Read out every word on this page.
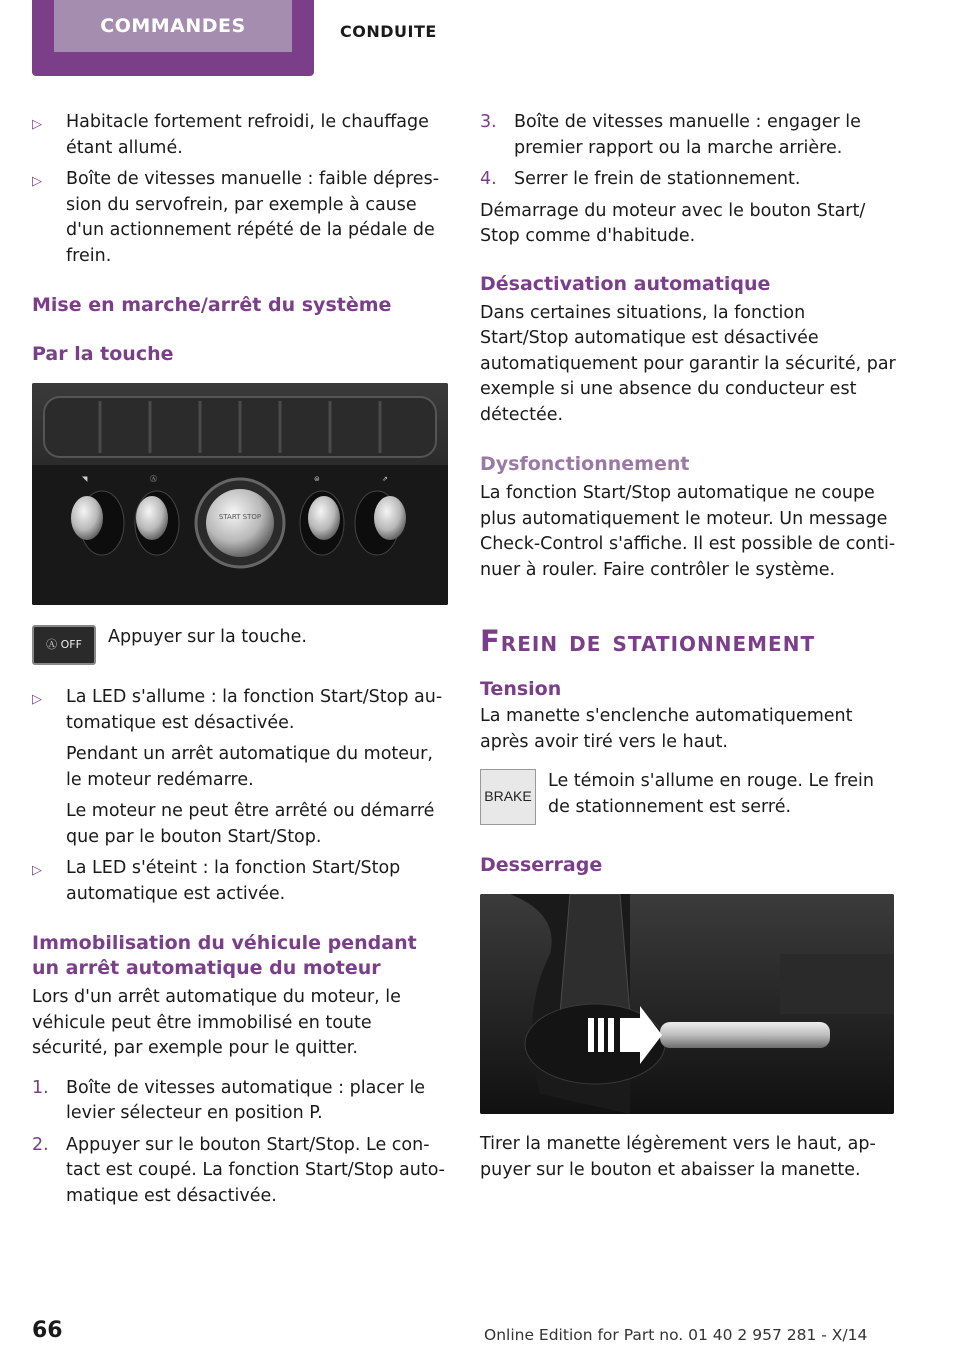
COMMANDES	CONDUITE
▷	Habitacle fortement refroidi, le chauffage étant allumé.
▷	Boîte de vitesses manuelle : faible dépression du servofrein, par exemple à cause d'un actionnement répété de la pédale de frein.
Mise en marche/arrêt du système
Par la touche
START STOP
◥	Ⓐ	⊜	⇗
Ⓐ OFF	Appuyer sur la touche.
▷	La LED s'allume : la fonction Start/Stop automatique est désactivée.

Pendant un arrêt automatique du moteur, le moteur redémarre.

Le moteur ne peut être arrêté ou démarré que par le bouton Start/Stop.

▷	La LED s'éteint : la fonction Start/Stop automatique est activée.
Immobilisation du véhicule pendant un arrêt automatique du moteur

Lors d'un arrêt automatique du moteur, le véhicule peut être immobilisé en toute sécurité, par exemple pour le quitter.

1. Boîte de vitesses automatique : placer le levier sélecteur en position P.
2. Appuyer sur le bouton Start/Stop. Le contact est coupé. La fonction Start/Stop automatique est désactivée.
3. Boîte de vitesses manuelle : engager le premier rapport ou la marche arrière.
4. Serrer le frein de stationnement.

Démarrage du moteur avec le bouton Start/ Stop comme d'habitude.

Désactivation automatique

Dans certaines situations, la fonction Start/Stop automatique est désactivée automatiquement pour garantir la sécurité, par exemple si une absence du conducteur est détectée.

Dysfonctionnement

La fonction Start/Stop automatique ne coupe plus automatiquement le moteur. Un message Check-Control s'affiche. Il est possible de continuer à rouler. Faire contrôler le système.

Frein de stationnement
Tension

La manette s'enclenche automatiquement après avoir tiré vers le haut.

BRAKE
Le témoin s'allume en rouge. Le frein de stationnement est serré.
Desserrage

Tirer la manette légèrement vers le haut, appuyer sur le bouton et abaisser la manette.

66	Online Edition for Part no. 01 40 2 957 281 - X/14
